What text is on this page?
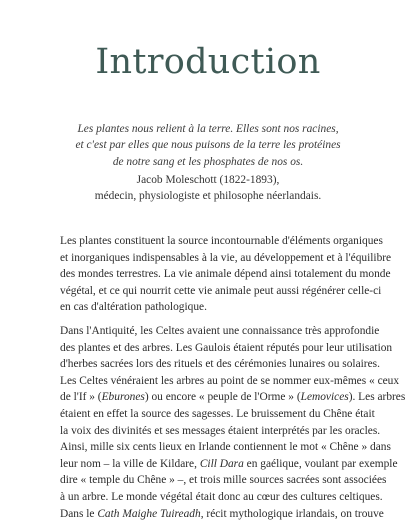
Introduction
Les plantes nous relient à la terre. Elles sont nos racines,
et c'est par elles que nous puisons de la terre les protéines
de notre sang et les phosphates de nos os.
Jacob Moleschott (1822-1893),
médecin, physiologiste et philosophe néerlandais.
Les plantes constituent la source incontournable d'éléments organiques
et inorganiques indispensables à la vie, au développement et à l'équilibre
des mondes terrestres. La vie animale dépend ainsi totalement du monde
végétal, et ce qui nourrit cette vie animale peut aussi régénérer celle-ci
en cas d'altération pathologique.
Dans l'Antiquité, les Celtes avaient une connaissance très approfondie
des plantes et des arbres. Les Gaulois étaient réputés pour leur utilisation
d'herbes sacrées lors des rituels et des cérémonies lunaires ou solaires.
Les Celtes vénéraient les arbres au point de se nommer eux-mêmes « ceux
de l'If » (Eburones) ou encore « peuple de l'Orme » (Lemovices). Les arbres
étaient en effet la source des sagesses. Le bruissement du Chêne était
la voix des divinités et ses messages étaient interprétés par les oracles.
Ainsi, mille six cents lieux en Irlande contiennent le mot « Chêne » dans
leur nom – la ville de Kildare, Cill Dara en gaélique, voulant par exemple
dire « temple du Chêne » –, et trois mille sources sacrées sont associées
à un arbre. Le monde végétal était donc au cœur des cultures celtiques.
Dans le Cath Maighe Tuireadh, récit mythologique irlandais, on trouve
